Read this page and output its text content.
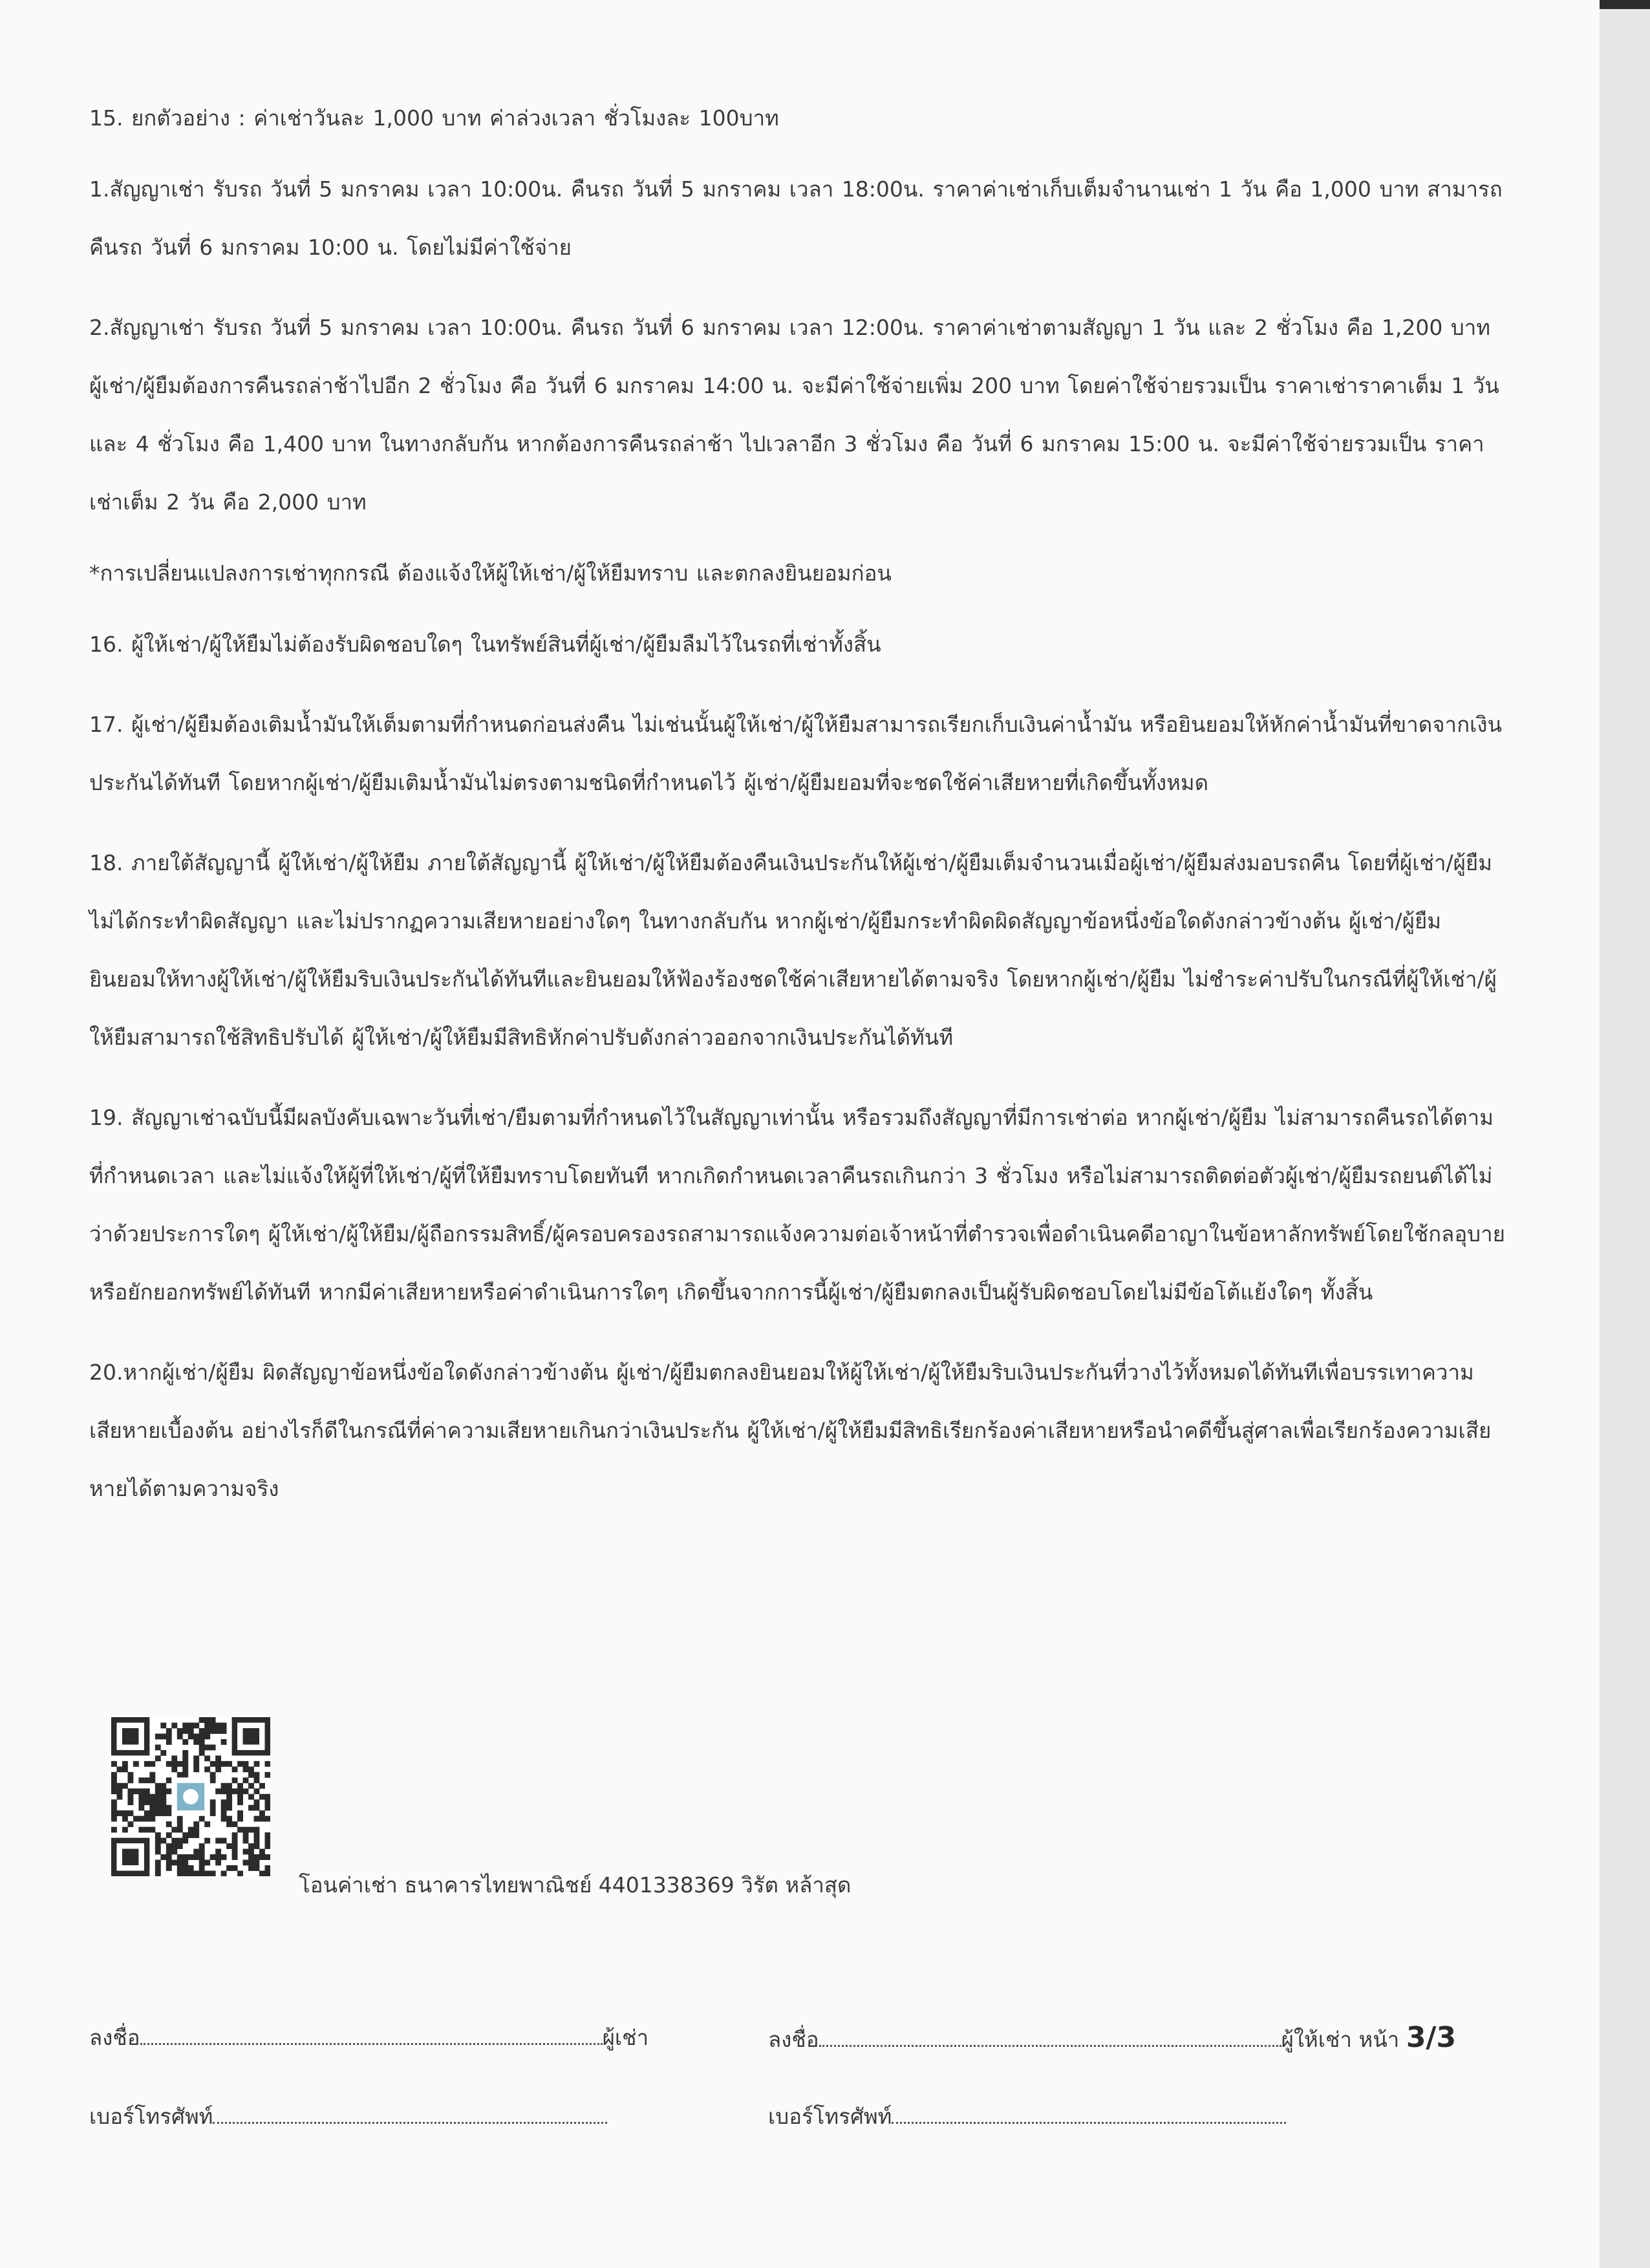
15. ยกตัวอย่าง : ค่าเช่าวันละ 1,000 บาท ค่าล่วงเวลา ชั่วโมงละ 100บาท

1.สัญญาเช่า รับรถ วันที่ 5 มกราคม เวลา 10:00น. คืนรถ วันที่ 5 มกราคม เวลา 18:00น. ราคาค่าเช่าเก็บเต็มจำนานเช่า 1 วัน คือ 1,000 บาท สามารถคืนรถ วันที่ 6 มกราคม 10:00 น. โดยไม่มีค่าใช้จ่าย

2.สัญญาเช่า รับรถ วันที่ 5 มกราคม เวลา 10:00น. คืนรถ วันที่ 6 มกราคม เวลา 12:00น. ราคาค่าเช่าตามสัญญา 1 วัน และ 2 ชั่วโมง คือ 1,200 บาท ผู้เช่า/ผู้ยืมต้องการคืนรถล่าช้าไปอีก 2 ชั่วโมง คือ วันที่ 6 มกราคม 14:00 น. จะมีค่าใช้จ่ายเพิ่ม 200 บาท โดยค่าใช้จ่ายรวมเป็น ราคาเช่าราคาเต็ม 1 วัน และ 4 ชั่วโมง คือ 1,400 บาท ในทางกลับกัน หากต้องการคืนรถล่าช้า ไปเวลาอีก 3 ชั่วโมง คือ วันที่ 6 มกราคม 15:00 น. จะมีค่าใช้จ่ายรวมเป็น ราคาเช่าเต็ม 2 วัน คือ 2,000 บาท

*การเปลี่ยนแปลงการเช่าทุกกรณี ต้องแจ้งให้ผู้ให้เช่า/ผู้ให้ยืมทราบ และตกลงยินยอมก่อน

16. ผู้ให้เช่า/ผู้ให้ยืมไม่ต้องรับผิดชอบใดๆ ในทรัพย์สินที่ผู้เช่า/ผู้ยืมลืมไว้ในรถที่เช่าทั้งสิ้น

17. ผู้เช่า/ผู้ยืมต้องเติมน้ำมันให้เต็มตามที่กำหนดก่อนส่งคืน ไม่เช่นนั้นผู้ให้เช่า/ผู้ให้ยืมสามารถเรียกเก็บเงินค่าน้ำมัน หรือยินยอมให้หักค่าน้ำมันที่ขาดจากเงินประกันได้ทันที โดยหากผู้เช่า/ผู้ยืมเติมน้ำมันไม่ตรงตามชนิดที่กำหนดไว้ ผู้เช่า/ผู้ยืมยอมที่จะชดใช้ค่าเสียหายที่เกิดขึ้นทั้งหมด

18. ภายใต้สัญญานี้ ผู้ให้เช่า/ผู้ให้ยืม ภายใต้สัญญานี้ ผู้ให้เช่า/ผู้ให้ยืมต้องคืนเงินประกันให้ผู้เช่า/ผู้ยืมเต็มจำนวนเมื่อผู้เช่า/ผู้ยืมส่งมอบรถคืน โดยที่ผู้เช่า/ผู้ยืม ไม่ได้กระทำผิดสัญญา และไม่ปรากฏความเสียหายอย่างใดๆ ในทางกลับกัน หากผู้เช่า/ผู้ยืมกระทำผิดผิดสัญญาข้อหนึ่งข้อใดดังกล่าวข้างต้น ผู้เช่า/ผู้ยืมยินยอมให้ทางผู้ให้เช่า/ผู้ให้ยืมริบเงินประกันได้ทันทีและยินยอมให้ฟ้องร้องชดใช้ค่าเสียหายได้ตามจริง โดยหากผู้เช่า/ผู้ยืม ไม่ชำระค่าปรับในกรณีที่ผู้ให้เช่า/ผู้ให้ยืมสามารถใช้สิทธิปรับได้ ผู้ให้เช่า/ผู้ให้ยืมมีสิทธิหักค่าปรับดังกล่าวออกจากเงินประกันได้ทันที

19. สัญญาเช่าฉบับนี้มีผลบังคับเฉพาะวันที่เช่า/ยืมตามที่กำหนดไว้ในสัญญาเท่านั้น หรือรวมถึงสัญญาที่มีการเช่าต่อ หากผู้เช่า/ผู้ยืม ไม่สามารถคืนรถได้ตามที่กำหนดเวลา และไม่แจ้งให้ผู้ที่ให้เช่า/ผู้ที่ให้ยืมทราบโดยทันที หากเกิดกำหนดเวลาคืนรถเกินกว่า 3 ชั่วโมง หรือไม่สามารถติดต่อตัวผู้เช่า/ผู้ยืมรถยนต์ได้ไม่ว่าด้วยประการใดๆ ผู้ให้เช่า/ผู้ให้ยืม/ผู้ถือกรรมสิทธิ์/ผู้ครอบครองรถสามารถแจ้งความต่อเจ้าหน้าที่ตำรวจเพื่อดำเนินคดีอาญาในข้อหาลักทรัพย์โดยใช้กลอุบายหรือยักยอกทรัพย์ได้ทันที หากมีค่าเสียหายหรือค่าดำเนินการใดๆ เกิดขึ้นจากการนี้ผู้เช่า/ผู้ยืมตกลงเป็นผู้รับผิดชอบโดยไม่มีข้อโต้แย้งใดๆ ทั้งสิ้น

20.หากผู้เช่า/ผู้ยืม ผิดสัญญาข้อหนึ่งข้อใดดังกล่าวข้างต้น ผู้เช่า/ผู้ยืมตกลงยินยอมให้ผู้ให้เช่า/ผู้ให้ยืมริบเงินประกันที่วางไว้ทั้งหมดได้ทันทีเพื่อบรรเทาความเสียหายเบื้องต้น อย่างไรก็ดีในกรณีที่ค่าความเสียหายเกินกว่าเงินประกัน ผู้ให้เช่า/ผู้ให้ยืมมีสิทธิเรียกร้องค่าเสียหายหรือนำคดีขึ้นสู่ศาลเพื่อเรียกร้องความเสียหายได้ตามความจริง

โอนค่าเช่า ธนาคารไทยพาณิชย์ 4401338369 วิรัต หล้าสุด
ลงชื่อ	ผู้เช่า	ลงชื่อ	ผู้ให้เช่า หน้า 3/3
เบอร์โทรศัพท์	เบอร์โทรศัพท์
